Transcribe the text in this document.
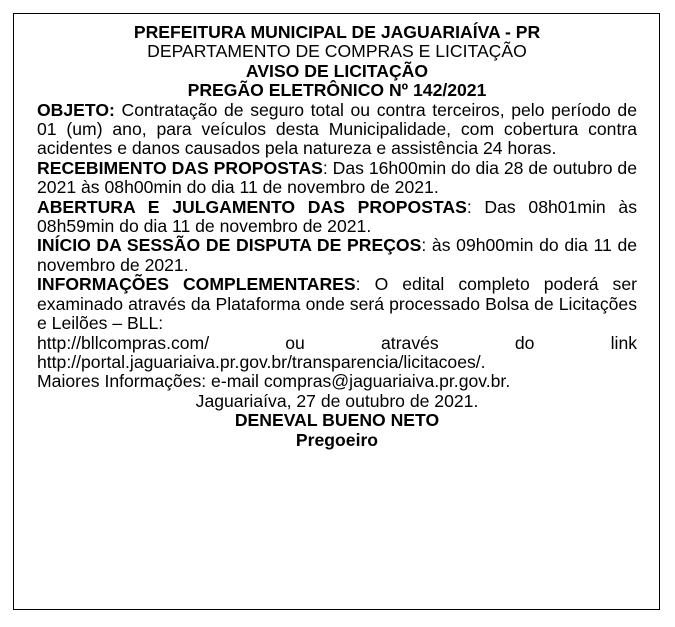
PREFEITURA MUNICIPAL DE JAGUARIAÍVA - PR
DEPARTAMENTO DE COMPRAS E LICITAÇÃO
AVISO DE LICITAÇÃO
PREGÃO ELETRÔNICO Nº 142/2021

OBJETO: Contratação de seguro total ou contra terceiros, pelo período de 01 (um) ano, para veículos desta Municipalidade, com cobertura contra acidentes e danos causados pela natureza e assistência 24 horas.

RECEBIMENTO DAS PROPOSTAS: Das 16h00min do dia 28 de outubro de 2021 às 08h00min do dia 11 de novembro de 2021.

ABERTURA E JULGAMENTO DAS PROPOSTAS: Das 08h01min às 08h59min do dia 11 de novembro de 2021.

INÍCIO DA SESSÃO DE DISPUTA DE PREÇOS: às 09h00min do dia 11 de novembro de 2021.

INFORMAÇÕES COMPLEMENTARES: O edital completo poderá ser examinado através da Plataforma onde será processado Bolsa de Licitações e Leilões – BLL:

http://bllcompras.com/	ou	através	do	link

http://portal.jaguariaiva.pr.gov.br/transparencia/licitacoes/.

Maiores Informações: e-mail compras@jaguariaiva.pr.gov.br.

Jaguariaíva, 27 de outubro de 2021.
DENEVAL BUENO NETO
Pregoeiro
